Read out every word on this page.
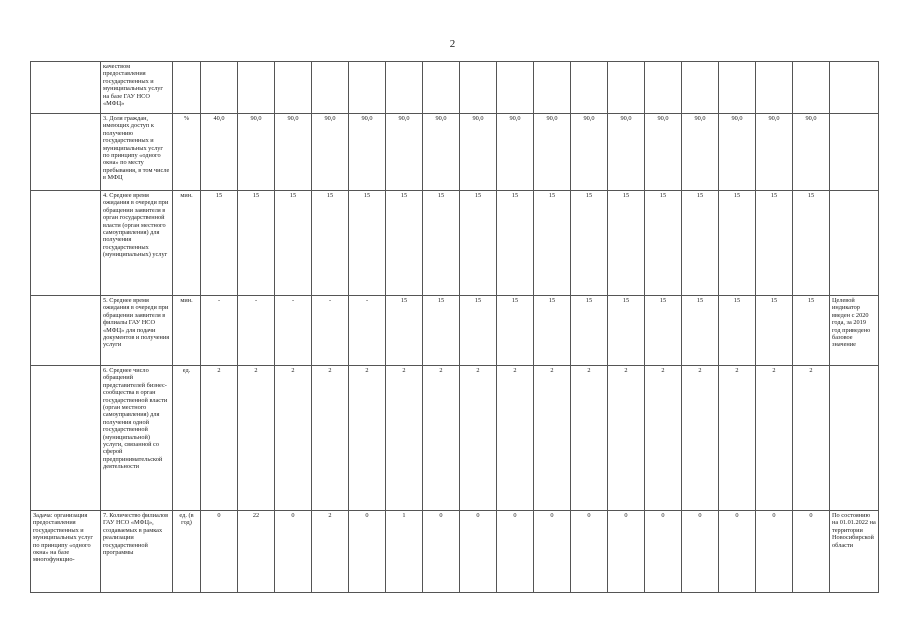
2
	качеством предоставления государственных и муниципальных услуг на базе ГАУ НСО «МФЦ»																			
	3. Доля граждан, имеющих доступ к получению государственных и муниципальных услуг по принципу «одного окна» по месту пребывания, в том числе в МФЦ	%	40,0	90,0	90,0	90,0	90,0	90,0	90,0	90,0	90,0	90,0	90,0	90,0	90,0	90,0	90,0	90,0	90,0	
	4. Среднее время ожидания в очереди при обращении заявителя в орган государственной власти (орган местного самоуправления) для получения государственных (муниципальных) услуг	мин.	15	15	15	15	15	15	15	15	15	15	15	15	15	15	15	15	15	
	5. Среднее время ожидания в очереди при обращении заявителя в филиалы ГАУ НСО «МФЦ» для подачи документов и получения услуги	мин.	-	-	-	-	-	15	15	15	15	15	15	15	15	15	15	15	15	Целевой индикатор введен с 2020 года, за 2019 год приведено базовое значение
	6. Среднее число обращений представителей бизнес-сообщества в орган государственной власти (орган местного самоуправления) для получения одной государственной (муниципальной) услуги, связанной со сферой предпринимательской деятельности	ед.	2	2	2	2	2	2	2	2	2	2	2	2	2	2	2	2	2	
Задача: организация предоставления государственных и муниципальных услуг по принципу «одного окна» на базе многофункцио-	7. Количество филиалов ГАУ НСО «МФЦ», создаваемых в рамках реализации государственной программы	ед. (в год)	0	22	0	2	0	1	0	0	0	0	0	0	0	0	0	0	0	По состоянию на 01.01.2022 на территории Новосибирской области
